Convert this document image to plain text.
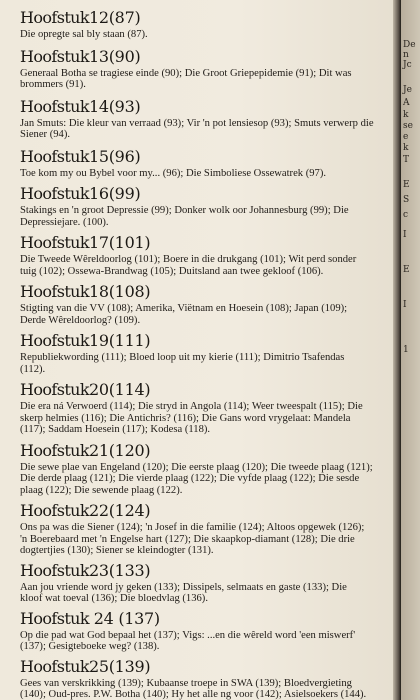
Hoofstuk12(87)
Die opregte sal bly staan (87).
Hoofstuk13(90)
Generaal Botha se tragiese einde (90); Die Groot Griepepidemie (91); Dit was
brommers (91).
Hoofstuk14(93)
Jan Smuts: Die kleur van verraad (93); Vir 'n pot lensiesop (93); Smuts verwerp die
Siener (94).
Hoofstuk15(96)
Toe kom my ou Bybel voor my... (96); Die Simboliese Ossewatrek (97).
Hoofstuk16(99)
Stakings en 'n groot Depressie (99); Donker wolk oor Johannesburg (99); Die
Depressiejare. (100).
Hoofstuk17(101)
Die Tweede Wêreldoorlog (101); Boere in die drukgang (101); Wit perd sonder
tuig (102); Ossewa-Brandwag (105); Duitsland aan twee gekloof (106).
Hoofstuk18(108)
Stigting van die VV (108); Amerika, Viëtnam en Hoesein (108); Japan (109);
Derde Wêreldoorlog? (109).
Hoofstuk19(111)
Republiekwording (111); Bloed loop uit my kierie (111); Dimitrio Tsafendas
(112).
Hoofstuk20(114)
Die era ná Verwoerd (114); Die stryd in Angola (114); Weer tweespalt (115); Die
skerp helmies (116); Die Antichris? (116); Die Gans word vrygelaat: Mandela
(117); Saddam Hoesein (117); Kodesa (118).
Hoofstuk21(120)
Die sewe plae van Engeland (120); Die eerste plaag (120); Die tweede plaag (121);
Die derde plaag (121); Die vierde plaag (122); Die vyfde plaag (122); Die sesde
plaag (122); Die sewende plaag (122).
Hoofstuk22(124)
Ons pa was die Siener (124); 'n Josef in die familie (124); Altoos opgewek (126);
'n Boerebaard met 'n Engelse hart (127); Die skaapkop-diamant (128); Die drie
dogtertjies (130); Siener se kleindogter (131).
Hoofstuk23(133)
Aan jou vriende word jy geken (133); Dissipels, selmaats en gaste (133); Die
kloof wat toeval (136); Die bloedvlag (136).
Hoofstuk 24 (137)
Op die pad wat God bepaal het (137); Vigs: ...en die wêreld word 'een miswerf'
(137); Gesigteboeke weg? (138).
Hoofstuk25(139)
Gees van verskrikking (139); Kubaanse troepe in SWA (139); Bloedvergieting
(140); Oud-pres. P.W. Botha (140); Hy het alle ng voor (142); Asielsoekers (144).
De
n
Jc
Je
A
k
se
e
k
T
E
S
c
I
E
I
1
